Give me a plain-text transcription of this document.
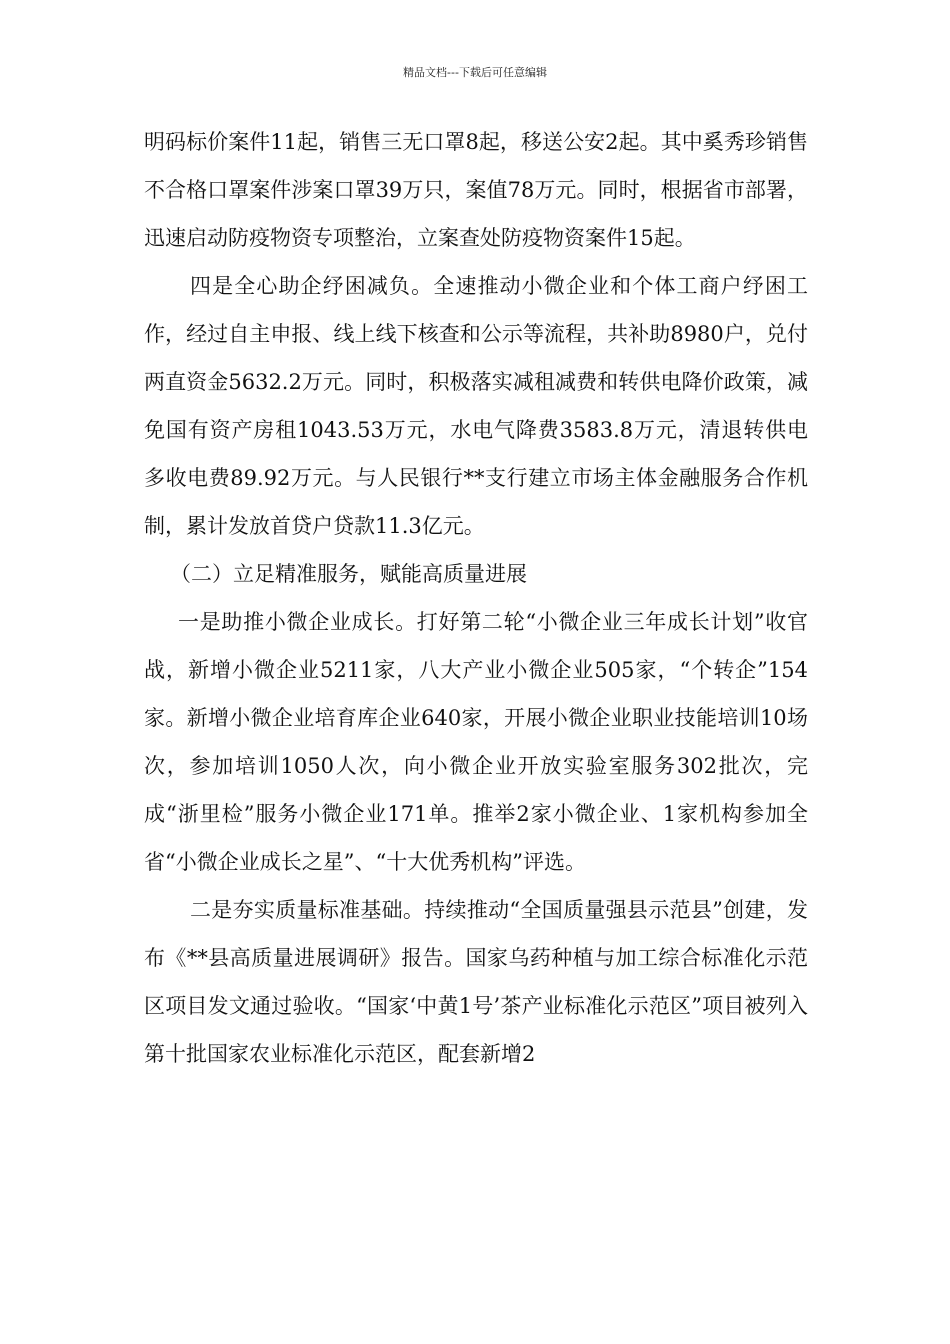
精品文档---下载后可任意编辑

明码标价案件11起，销售三无口罩8起，移送公安2起。其中奚秀珍销售不合格口罩案件涉案口罩39万只，案值78万元。同时，根据省市部署，迅速启动防疫物资专项整治，立案查处防疫物资案件15起。

四是全心助企纾困减负。全速推动小微企业和个体工商户纾困工作，经过自主申报、线上线下核查和公示等流程，共补助8980户，兑付两直资金5632.2万元。同时，积极落实减租减费和转供电降价政策，减免国有资产房租1043.53万元，水电气降费3583.8万元，清退转供电多收电费89.92万元。与人民银行**支行建立市场主体金融服务合作机制，累计发放首贷户贷款11.3亿元。

（二）立足精准服务，赋能高质量进展

一是助推小微企业成长。打好第二轮“小微企业三年成长计划”收官战，新增小微企业5211家，八大产业小微企业505家，“个转企”154家。新增小微企业培育库企业640家，开展小微企业职业技能培训10场次，参加培训1050人次，向小微企业开放实验室服务302批次，完成“浙里检”服务小微企业171单。推举2家小微企业、1家机构参加全省“小微企业成长之星”、“十大优秀机构”评选。

二是夯实质量标准基础。持续推动“全国质量强县示范县”创建，发布《**县高质量进展调研》报告。国家乌药种植与加工综合标准化示范区项目发文通过验收。“国家‘中黄1号’茶产业标准化示范区”项目被列入第十批国家农业标准化示范区，配套新增2
